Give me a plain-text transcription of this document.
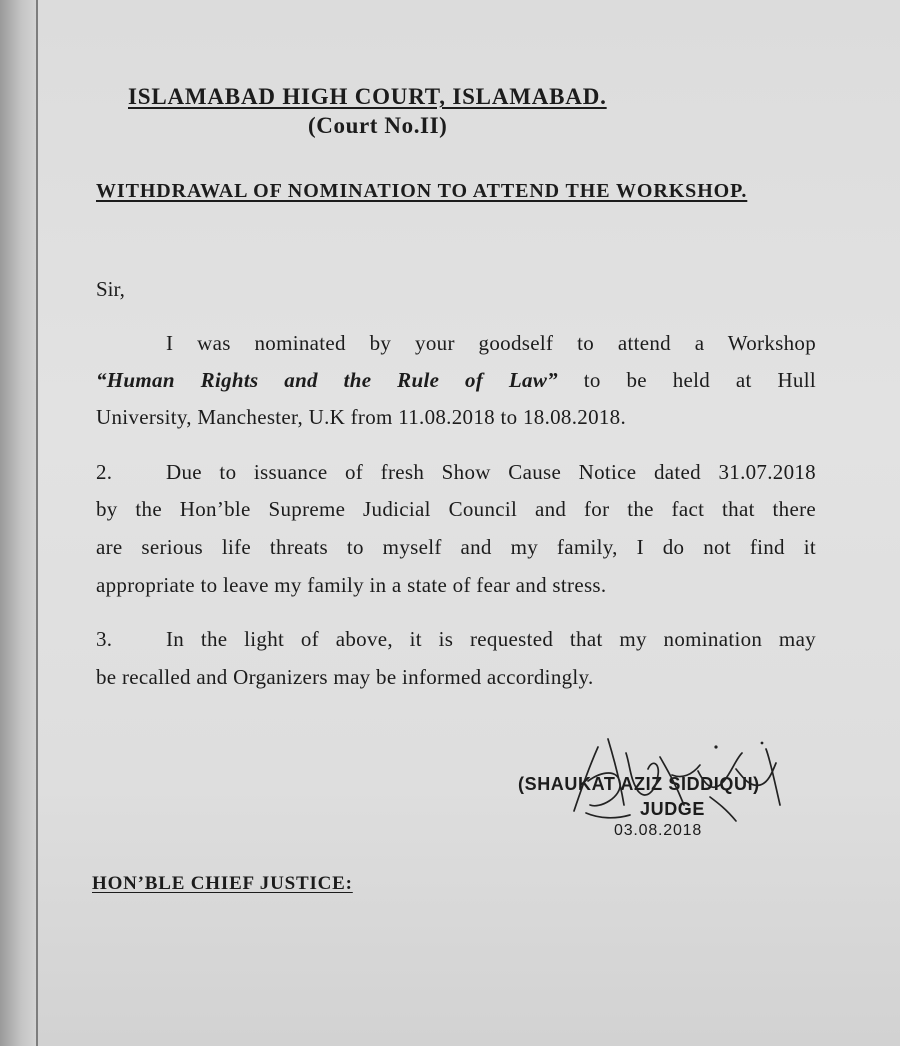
ISLAMABAD HIGH COURT, ISLAMABAD.
(Court No.II)
WITHDRAWAL OF NOMINATION TO ATTEND THE WORKSHOP.
Sir,
I was nominated by your goodself to attend a Workshop
“Human Rights and the Rule of Law” to be held at Hull
University, Manchester, U.K from 11.08.2018 to 18.08.2018.
2.	Due to issuance of fresh Show Cause Notice dated 31.07.2018
by the Hon’ble Supreme Judicial Council and for the fact that there
are serious life threats to myself and my family, I do not find it
appropriate to leave my family in a state of fear and stress.
3.	In the light of above, it is requested that my nomination may
be recalled and Organizers may be informed accordingly.
(SHAUKAT AZIZ SIDDIQUI)
JUDGE
03.08.2018
HON’BLE CHIEF JUSTICE:
